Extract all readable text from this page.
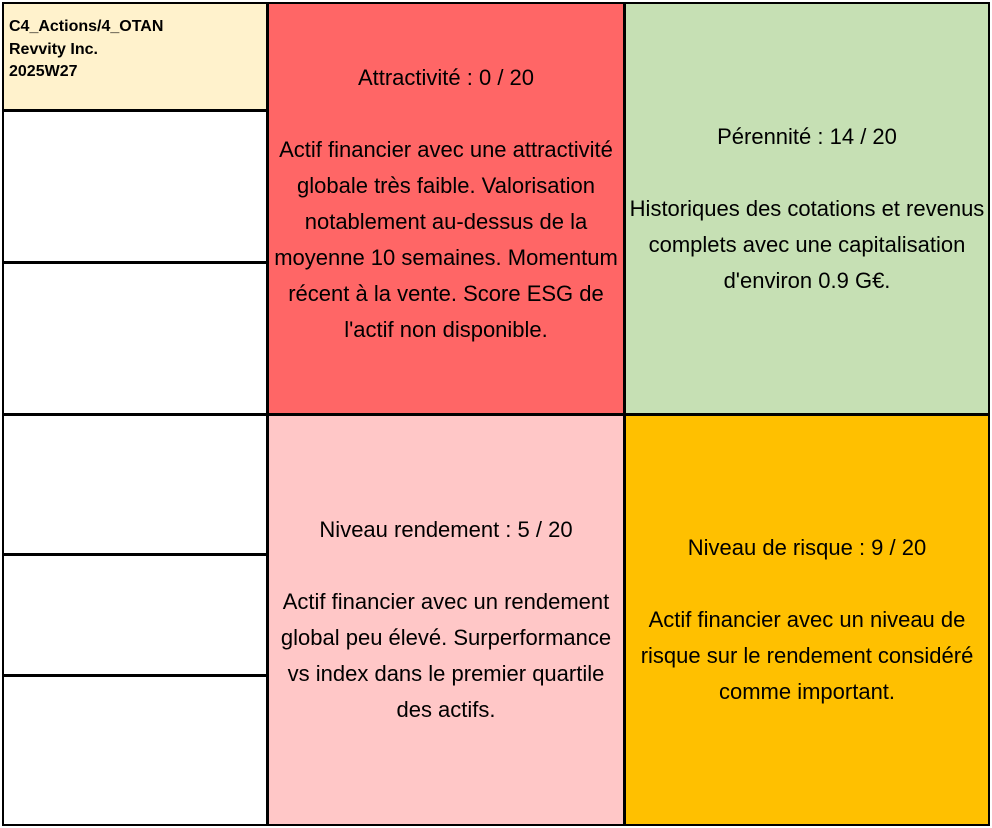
C4_Actions/4_OTAN
Revvity Inc.
2025W27	Attractivité : 0 / 20
Actif financier avec une attractivité globale très faible. Valorisation notablement au-dessus de la moyenne 10 semaines. Momentum récent à la vente. Score ESG de l'actif non disponible.
Pérennité : 14 / 20
Historiques des cotations et revenus complets avec une capitalisation d'environ 0.9 G€.
Niveau rendement : 5 / 20
Actif financier avec un rendement global peu élevé. Surperformance vs index dans le premier quartile des actifs.
Niveau de risque : 9 / 20
Actif financier avec un niveau de risque sur le rendement considéré comme important.
